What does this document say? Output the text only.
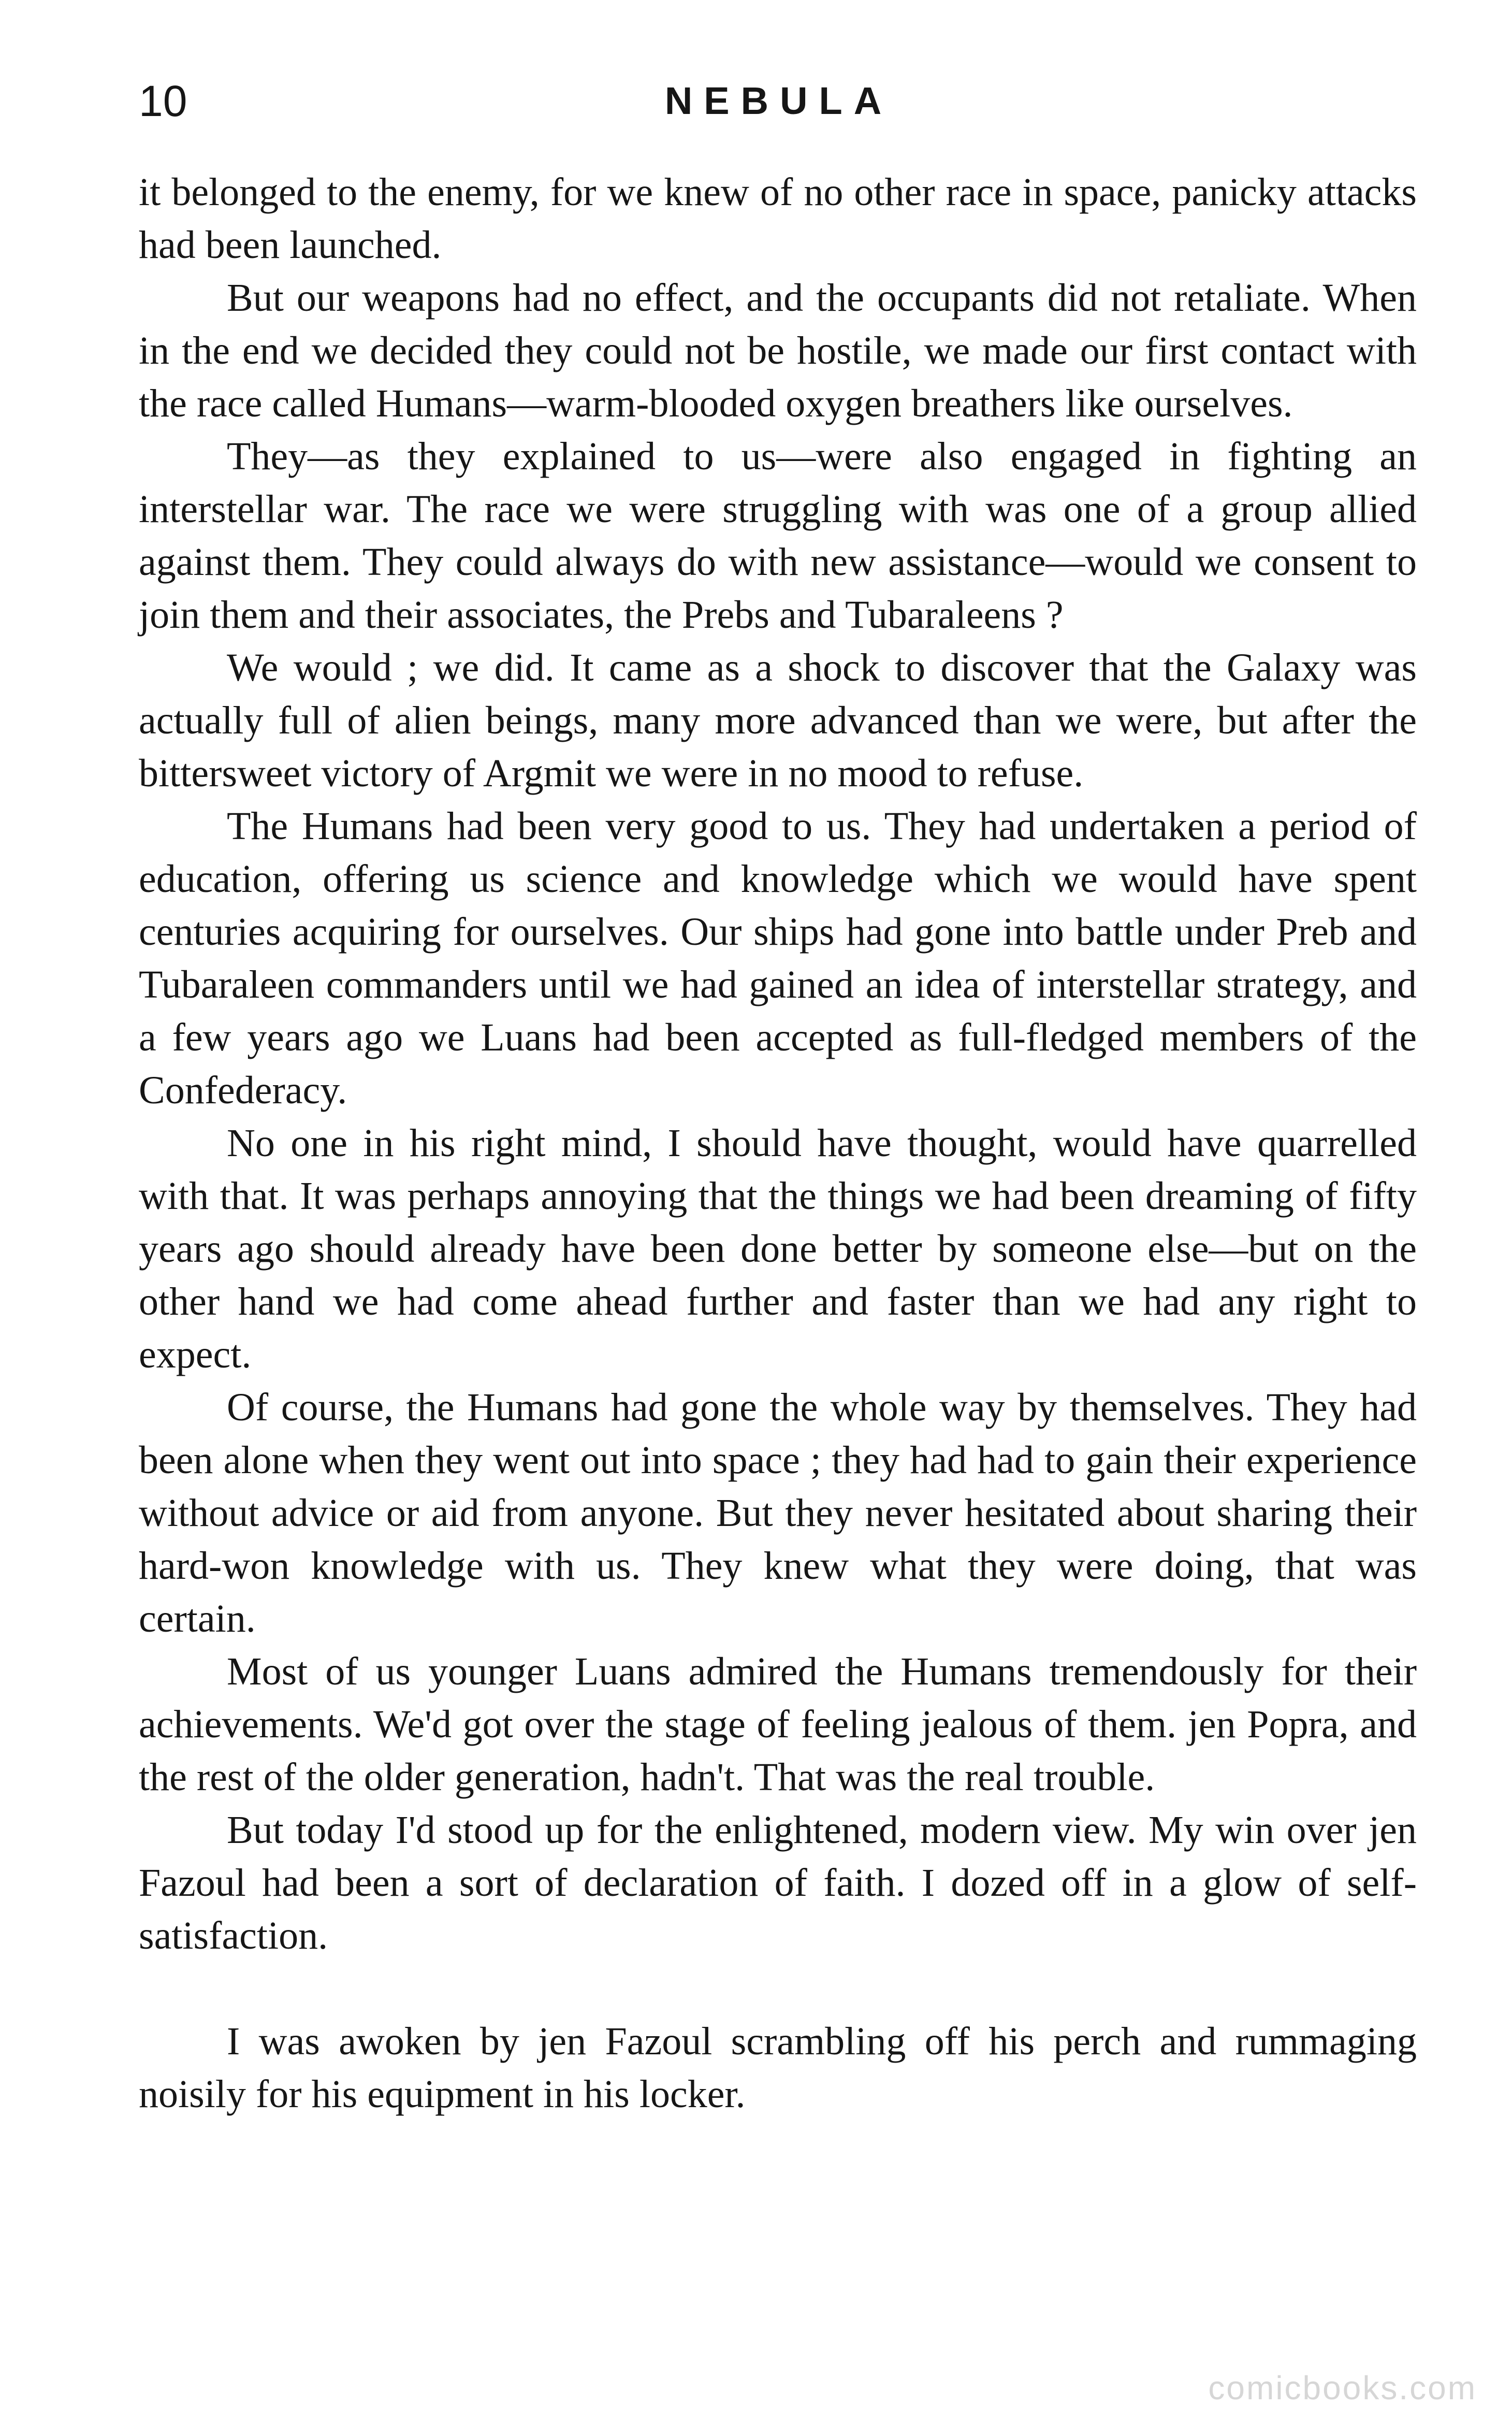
10	NEBULA

it belonged to the enemy, for we knew of no other race in space, panicky attacks had been launched.

But our weapons had no effect, and the occupants did not retaliate. When in the end we decided they could not be hostile, we made our first contact with the race called Humans—warm-blooded oxygen breathers like ourselves.

They—as they explained to us—were also engaged in fighting an interstellar war. The race we were struggling with was one of a group allied against them. They could always do with new assistance—would we consent to join them and their associates, the Prebs and Tubaraleens ?

We would ; we did. It came as a shock to discover that the Galaxy was actually full of alien beings, many more advanced than we were, but after the bittersweet victory of Argmit we were in no mood to refuse.

The Humans had been very good to us. They had undertaken a period of education, offering us science and knowledge which we would have spent centuries acquiring for ourselves. Our ships had gone into battle under Preb and Tubaraleen commanders until we had gained an idea of interstellar strategy, and a few years ago we Luans had been accepted as full-fledged members of the Confederacy.

No one in his right mind, I should have thought, would have quarrelled with that. It was perhaps annoying that the things we had been dreaming of fifty years ago should already have been done better by someone else—but on the other hand we had come ahead further and faster than we had any right to expect.

Of course, the Humans had gone the whole way by themselves. They had been alone when they went out into space ; they had had to gain their experience without advice or aid from anyone. But they never hesitated about sharing their hard-won knowledge with us. They knew what they were doing, that was certain.

Most of us younger Luans admired the Humans tremendously for their achievements. We'd got over the stage of feeling jealous of them. jen Popra, and the rest of the older generation, hadn't. That was the real trouble.

But today I'd stood up for the enlightened, modern view. My win over jen Fazoul had been a sort of declaration of faith. I dozed off in a glow of self-satisfaction.

I was awoken by jen Fazoul scrambling off his perch and rummaging noisily for his equipment in his locker.

comicbooks.com
